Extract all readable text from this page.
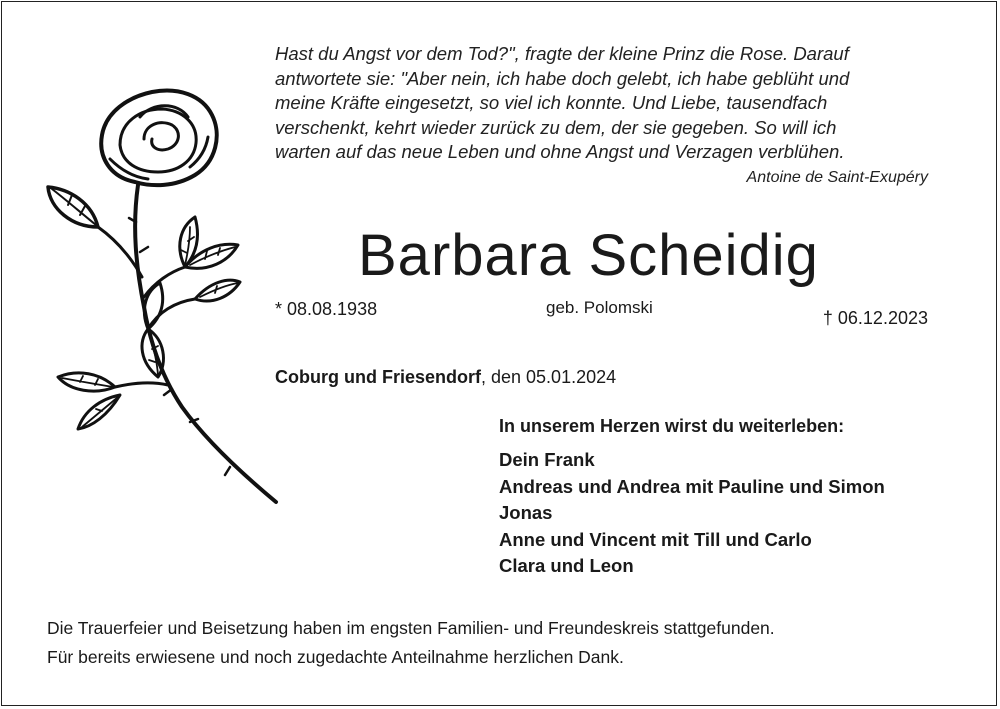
Hast du Angst vor dem Tod?", fragte der kleine Prinz die Rose. Darauf
antwortete sie: "Aber nein, ich habe doch gelebt, ich habe geblüht und
meine Kräfte eingesetzt, so viel ich konnte. Und Liebe, tausendfach
verschenkt, kehrt wieder zurück zu dem, der sie gegeben. So will ich
warten auf das neue Leben und ohne Angst und Verzagen verblühen.
Antoine de Saint-Exupéry
Barbara Scheidig
* 08.08.1938	geb. Polomski
† 06.12.2023
Coburg und Friesendorf, den 05.01.2024
In unserem Herzen wirst du weiterleben:
Dein Frank
Andreas und Andrea mit Pauline und Simon
Jonas
Anne und Vincent mit Till und Carlo
Clara und Leon
Die Trauerfeier und Beisetzung haben im engsten Familien- und Freundeskreis stattgefunden.
Für bereits erwiesene und noch zugedachte Anteilnahme herzlichen Dank.
